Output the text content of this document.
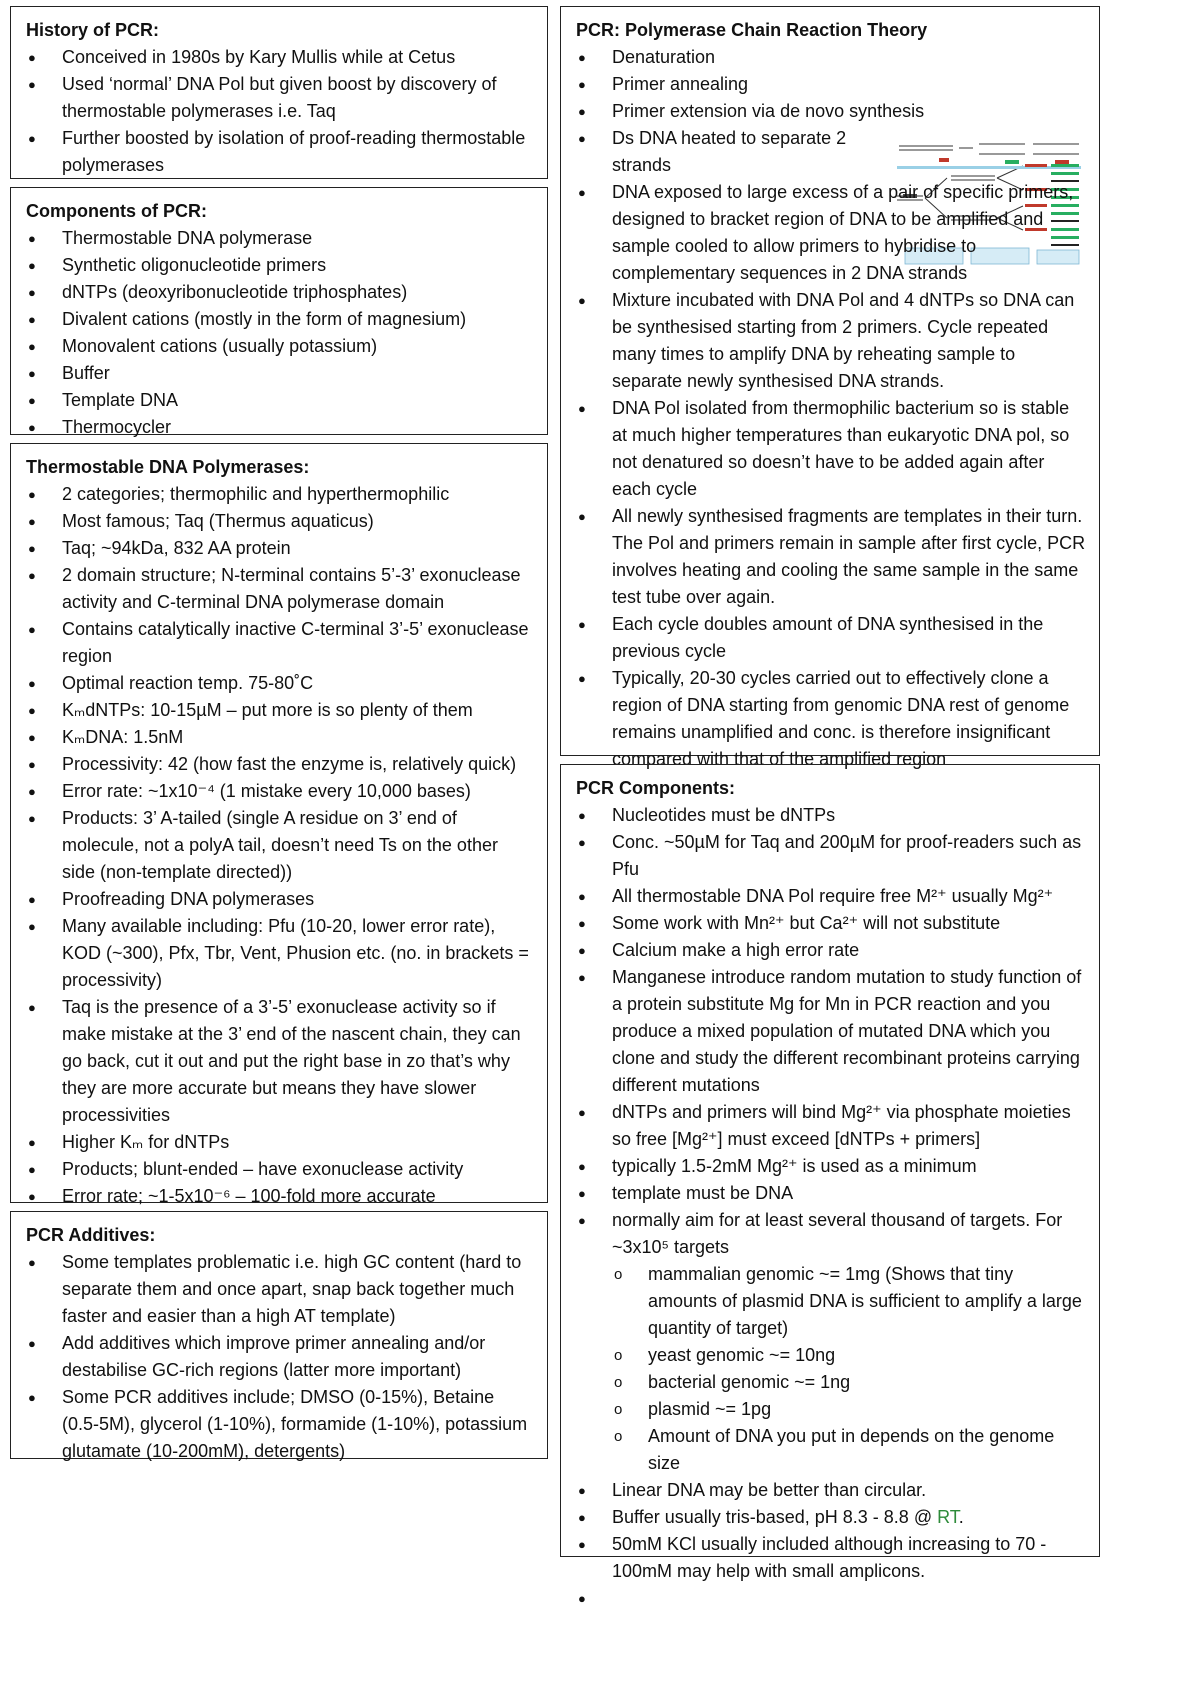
History of PCR:
● Conceived in 1980s by Kary Mullis while at Cetus
● Used ‘normal’ DNA Pol but given boost by discovery of thermostable polymerases i.e. Taq
● Further boosted by isolation of proof-reading thermostable polymerases
Components of PCR:
● Thermostable DNA polymerase
● Synthetic oligonucleotide primers
● dNTPs (deoxyribonucleotide triphosphates)
● Divalent cations (mostly in the form of magnesium)
● Monovalent cations (usually potassium)
● Buffer
● Template DNA
● Thermocycler
Thermostable DNA Polymerases:
● 2 categories; thermophilic and hyperthermophilic
● Most famous; Taq (Thermus aquaticus)
● Taq; ~94kDa, 832 AA protein
● 2 domain structure; N-terminal contains 5’-3’ exonuclease activity and C-terminal DNA polymerase domain
● Contains catalytically inactive C-terminal 3’-5’ exonuclease region
● Optimal reaction temp. 75-80˚C
● KₘdNTPs: 10-15µM – put more is so plenty of them
● KₘDNA: 1.5nM
● Processivity: 42 (how fast the enzyme is, relatively quick)
● Error rate: ~1x10⁻⁴ (1 mistake every 10,000 bases)
● Products: 3’ A-tailed (single A residue on 3’ end of molecule, not a polyA tail, doesn’t need Ts on the other side (non-template directed))
● Proofreading DNA polymerases
● Many available including: Pfu (10-20, lower error rate), KOD (~300), Pfx, Tbr, Vent, Phusion etc. (no. in brackets = processivity)
● Taq is the presence of a 3’-5’ exonuclease activity so if make mistake at the 3’ end of the nascent chain, they can go back, cut it out and put the right base in zo that’s why they are more accurate but means they have slower processivities
● Higher Kₘ for dNTPs
● Products; blunt-ended – have exonuclease activity
● Error rate; ~1-5x10⁻⁶ – 100-fold more accurate
PCR Additives:
● Some templates problematic i.e. high GC content (hard to separate them and once apart, snap back together much faster and easier than a high AT template)
● Add additives which improve primer annealing and/or destabilise GC-rich regions (latter more important)
● Some PCR additives include; DMSO (0-15%), Betaine (0.5-5M), glycerol (1-10%), formamide (1-10%), potassium glutamate (10-200mM), detergents)
PCR: Polymerase Chain Reaction Theory
● Denaturation
● Primer annealing
● Primer extension via de novo synthesis
● Ds DNA heated to separate 2 strands
● DNA exposed to large excess of a pair of specific primers, designed to bracket region of DNA to be amplified and sample cooled to allow primers to hybridise to complementary sequences in 2 DNA strands
● Mixture incubated with DNA Pol and 4 dNTPs so DNA can be synthesised starting from 2 primers. Cycle repeated many times to amplify DNA by reheating sample to separate newly synthesised DNA strands.
● DNA Pol isolated from thermophilic bacterium so is stable at much higher temperatures than eukaryotic DNA pol, so not denatured so doesn’t have to be added again after each cycle
● All newly synthesised fragments are templates in their turn. The Pol and primers remain in sample after first cycle, PCR involves heating and cooling the same sample in the same test tube over again.
● Each cycle doubles amount of DNA synthesised in the previous cycle
● Typically, 20-30 cycles carried out to effectively clone a region of DNA starting from genomic DNA rest of genome remains unamplified and conc. is therefore insignificant compared with that of the amplified region
PCR Components:
● Nucleotides must be dNTPs
● Conc. ~50µM for Taq and 200µM for proof-readers such as Pfu
● All thermostable DNA Pol require free M²⁺ usually Mg²⁺
● Some work with Mn²⁺ but Ca²⁺ will not substitute
● Calcium make a high error rate
● Manganese introduce random mutation to study function of a protein substitute Mg for Mn in PCR reaction and you produce a mixed population of mutated DNA which you clone and study the different recombinant proteins carrying different mutations
● dNTPs and primers will bind Mg²⁺ via phosphate moieties so free [Mg²⁺] must exceed [dNTPs + primers]
● typically 1.5-2mM Mg²⁺ is used as a minimum
● template must be DNA
● normally aim for at least several thousand of targets. For ~3x10⁵ targets
o mammalian genomic ~= 1mg (Shows that tiny amounts of plasmid DNA is sufficient to amplify a large quantity of target)
o yeast genomic ~= 10ng
o bacterial genomic ~= 1ng
o plasmid ~= 1pg
o Amount of DNA you put in depends on the genome size
● Linear DNA may be better than circular.
● Buffer usually tris-based, pH 8.3 - 8.8 @ RT.
● 50mM KCl usually included although increasing to 70 - 100mM may help with small amplicons.
●
